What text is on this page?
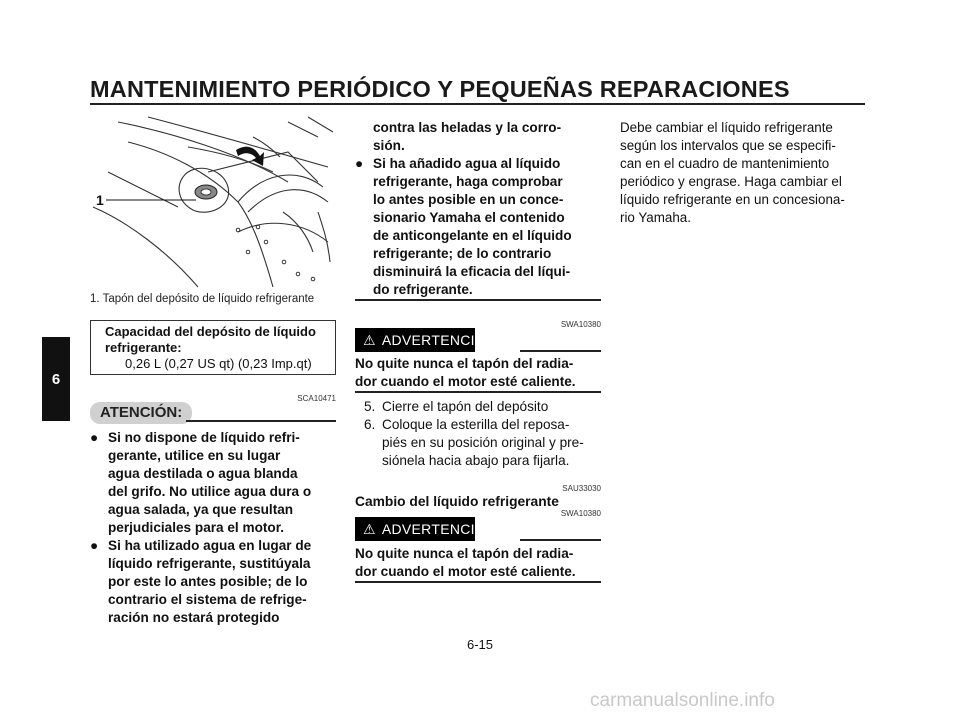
MANTENIMIENTO PERIÓDICO Y PEQUEÑAS REPARACIONES
6
1
1. Tapón del depósito de líquido refrigerante
Capacidad del depósito de líquido
refrigerante:
0,26 L (0,27 US qt) (0,23 Imp.qt)
SCA10471
ATENCIÓN:
● Si no dispone de líquido refri-
gerante, utilice en su lugar
agua destilada o agua blanda
del grifo. No utilice agua dura o
agua salada, ya que resultan
perjudiciales para el motor.
● Si ha utilizado agua en lugar de
líquido refrigerante, sustitúyala
por este lo antes posible; de lo
contrario el sistema de refrige-
ración no estará protegido
contra las heladas y la corro-
sión.
● Si ha añadido agua al líquido
refrigerante, haga comprobar
lo antes posible en un conce-
sionario Yamaha el contenido
de anticongelante en el líquido
refrigerante; de lo contrario
disminuirá la eficacia del líqui-
do refrigerante.
SWA10380
⚠ ADVERTENCIA
No quite nunca el tapón del radia-
dor cuando el motor esté caliente.
5. Cierre el tapón del depósito
6. Coloque la esterilla del reposa-
piés en su posición original y pre-
siónela hacia abajo para fijarla.
SAU33030
Cambio del líquido refrigerante
SWA10380
⚠ ADVERTENCIA
No quite nunca el tapón del radia-
dor cuando el motor esté caliente.
Debe cambiar el líquido refrigerante
según los intervalos que se especifi-
can en el cuadro de mantenimiento
periódico y engrase. Haga cambiar el
líquido refrigerante en un concesiona-
rio Yamaha.
6-15
carmanualsonline.info
